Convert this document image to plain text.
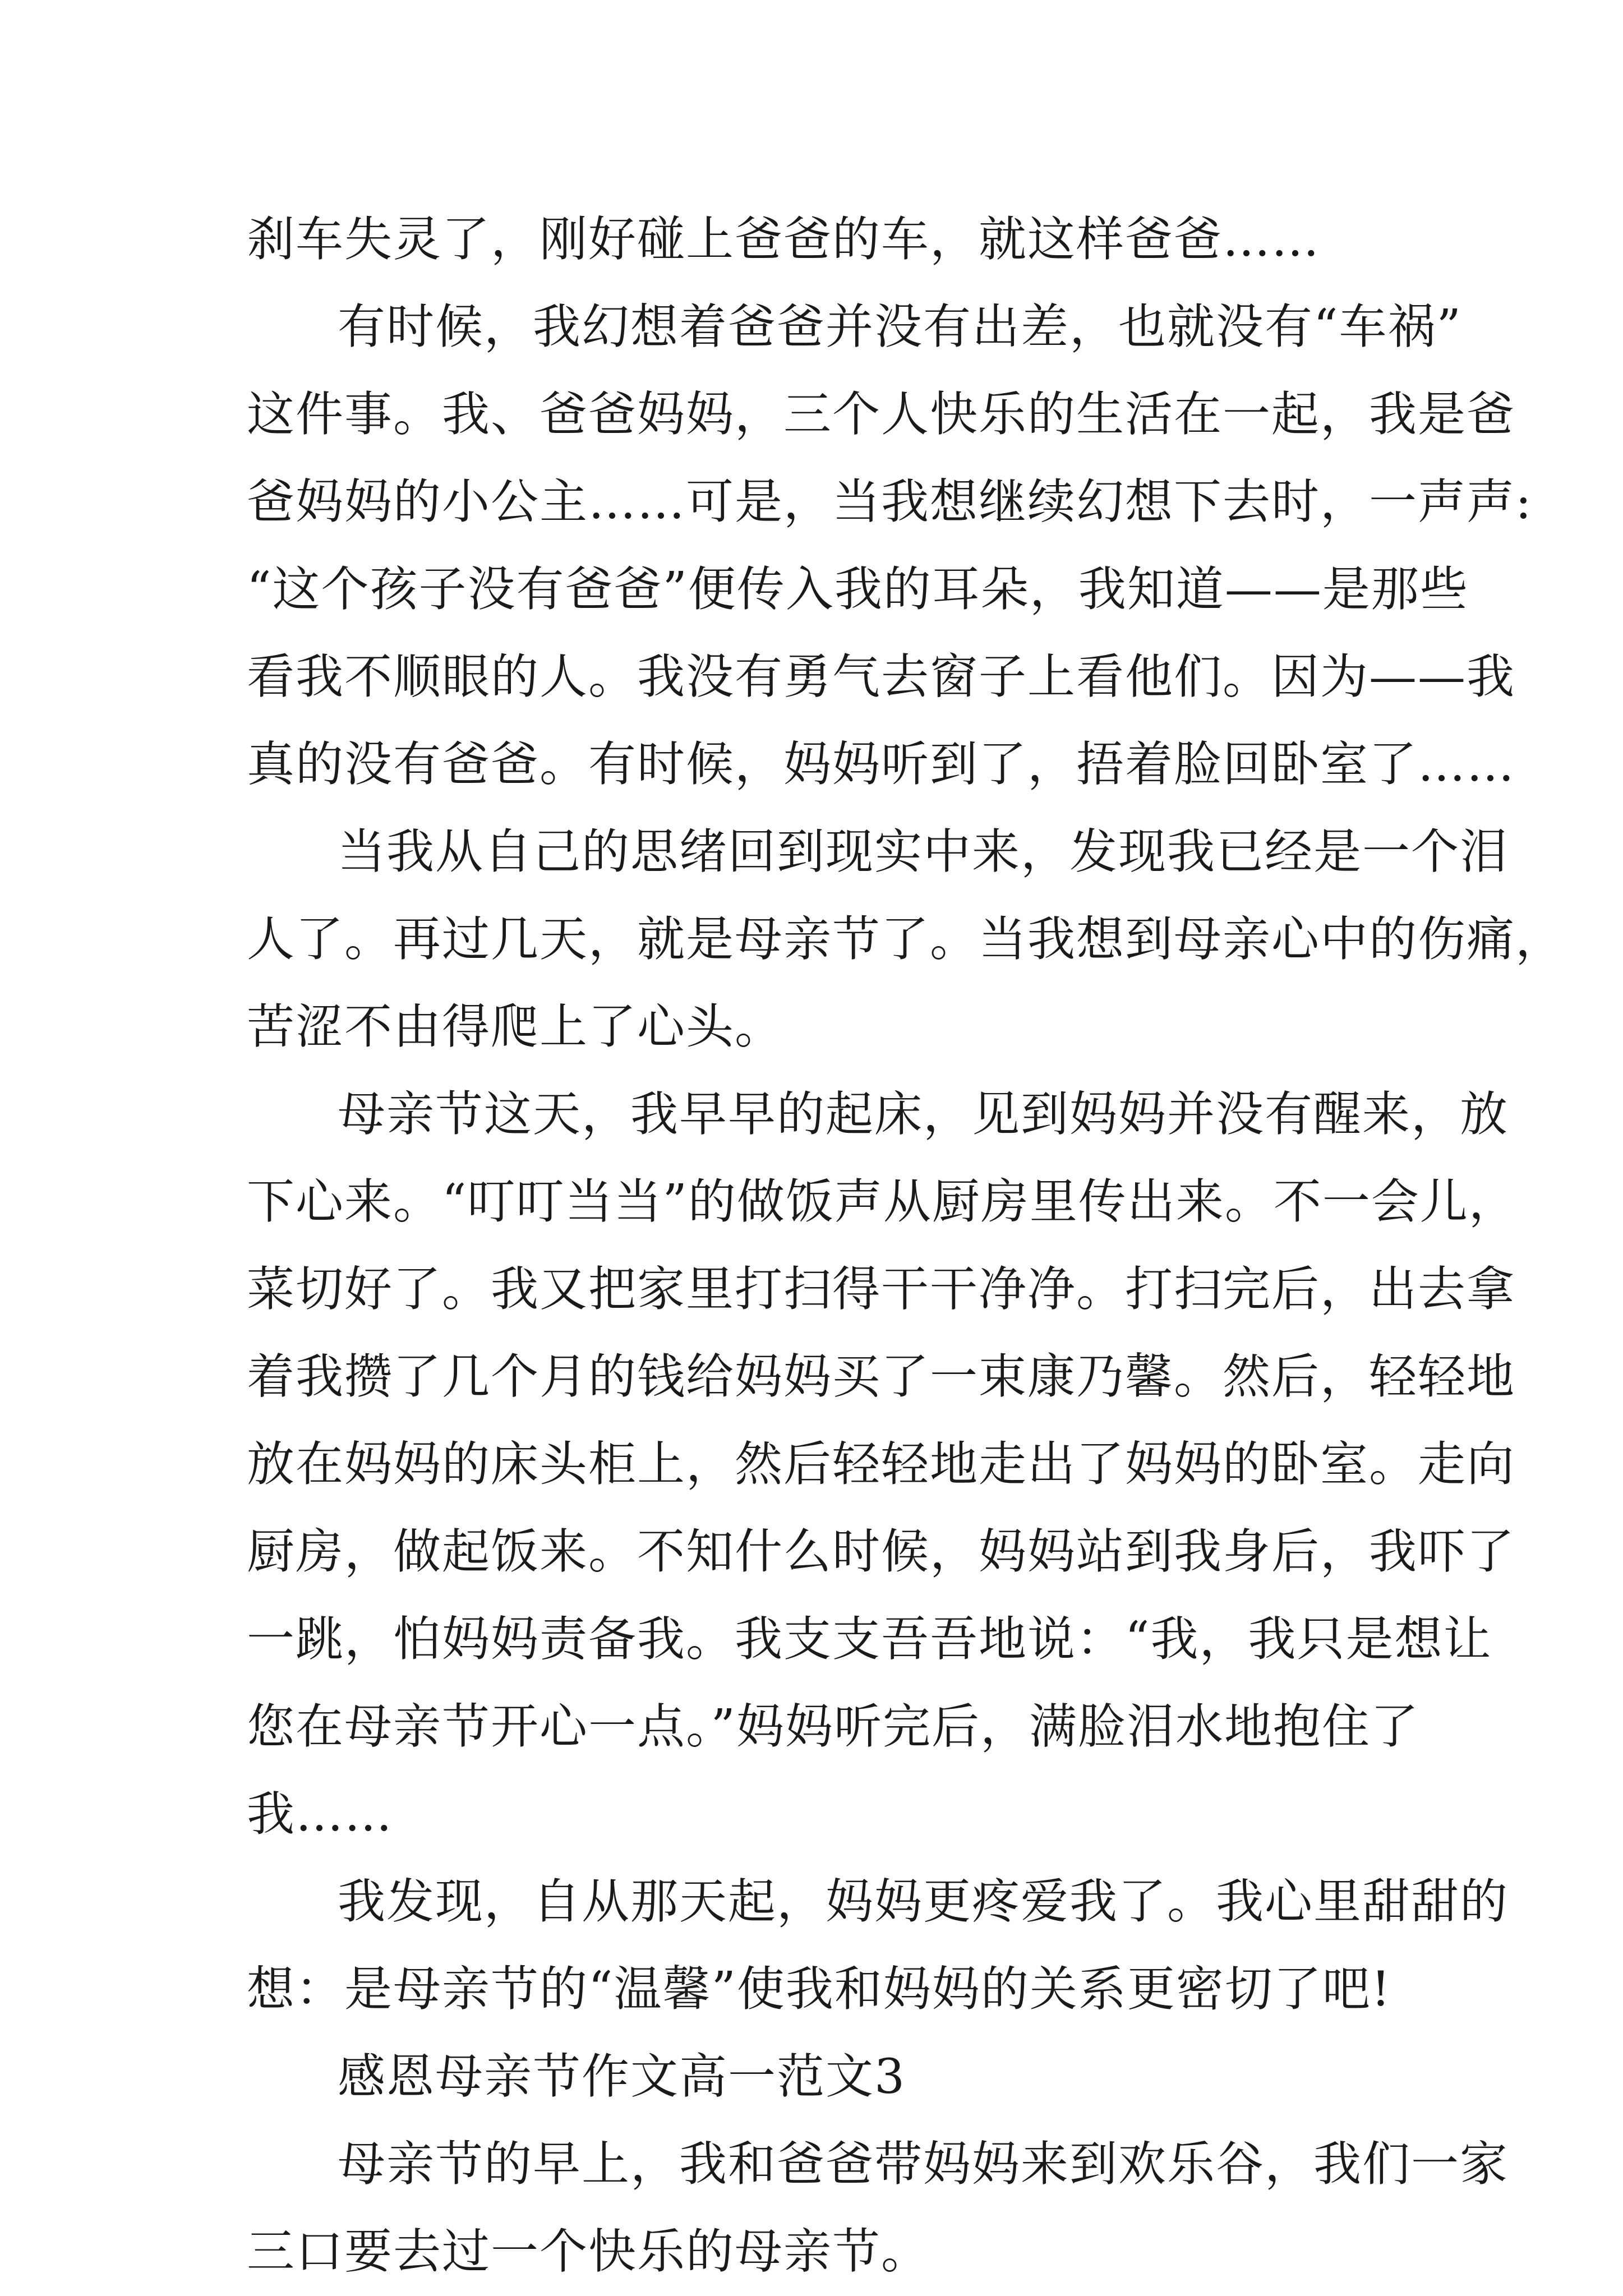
刹车失灵了，刚好碰上爸爸的车，就这样爸爸……
有时候，我幻想着爸爸并没有出差，也就没有“车祸”
这件事。我、爸爸妈妈，三个人快乐的生活在一起，我是爸
爸妈妈的小公主……可是，当我想继续幻想下去时，一声声:
“这个孩子没有爸爸”便传入我的耳朵，我知道——是那些
看我不顺眼的人。我没有勇气去窗子上看他们。因为——我
真的没有爸爸。有时候，妈妈听到了，捂着脸回卧室了……
当我从自己的思绪回到现实中来，发现我已经是一个泪
人了。再过几天，就是母亲节了。当我想到母亲心中的伤痛，
苦涩不由得爬上了心头。
母亲节这天，我早早的起床，见到妈妈并没有醒来，放
下心来。“叮叮当当”的做饭声从厨房里传出来。不一会儿，
菜切好了。我又把家里打扫得干干净净。打扫完后，出去拿
着我攒了几个月的钱给妈妈买了一束康乃馨。然后，轻轻地
放在妈妈的床头柜上，然后轻轻地走出了妈妈的卧室。走向
厨房，做起饭来。不知什么时候，妈妈站到我身后，我吓了
一跳，怕妈妈责备我。我支支吾吾地说：“我，我只是想让
您在母亲节开心一点。”妈妈听完后，满脸泪水地抱住了
我……
我发现，自从那天起，妈妈更疼爱我了。我心里甜甜的
想：是母亲节的“温馨”使我和妈妈的关系更密切了吧!
感恩母亲节作文高一范文3
母亲节的早上，我和爸爸带妈妈来到欢乐谷，我们一家
三口要去过一个快乐的母亲节。
